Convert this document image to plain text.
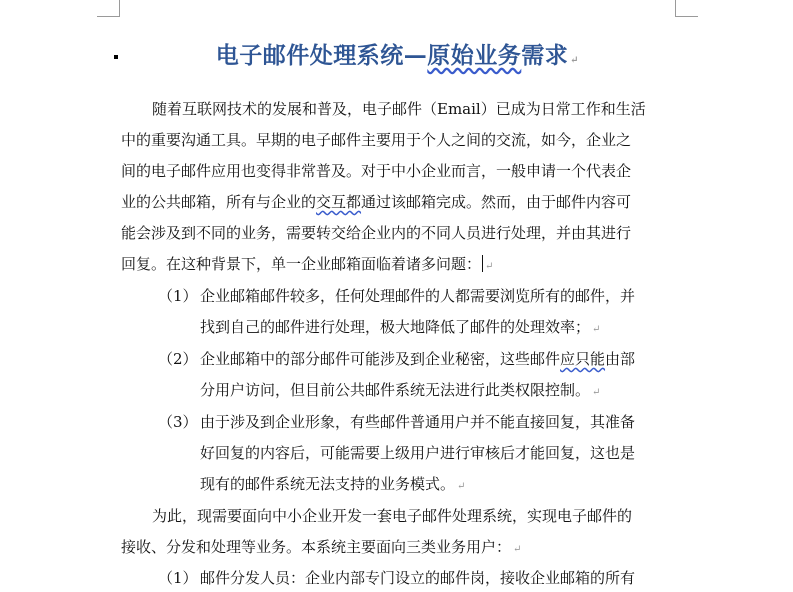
电子邮件处理系统—原始业务需求 ↵
随着互联网技术的发展和普及，电子邮件（Email）已成为日常工作和生活
中的重要沟通工具。早期的电子邮件主要用于个人之间的交流，如今，企业之
间的电子邮件应用也变得非常普及。对于中小企业而言，一般申请一个代表企
业的公共邮箱，所有与企业的交互都通过该邮箱完成。然而，由于邮件内容可
能会涉及到不同的业务，需要转交给企业内的不同人员进行处理，并由其进行
回复。在这种背景下，单一企业邮箱面临着诸多问题： ↵
（1） 企业邮箱邮件较多，任何处理邮件的人都需要浏览所有的邮件，并
找到自己的邮件进行处理，极大地降低了邮件的处理效率； ↵
（2） 企业邮箱中的部分邮件可能涉及到企业秘密，这些邮件应只能由部
分用户访问，但目前公共邮件系统无法进行此类权限控制。 ↵
（3） 由于涉及到企业形象，有些邮件普通用户并不能直接回复，其准备
好回复的内容后，可能需要上级用户进行审核后才能回复，这也是
现有的邮件系统无法支持的业务模式。 ↵
为此，现需要面向中小企业开发一套电子邮件处理系统，实现电子邮件的
接收、分发和处理等业务。本系统主要面向三类业务用户： ↵
（1） 邮件分发人员：企业内部专门设立的邮件岗，接收企业邮箱的所有
